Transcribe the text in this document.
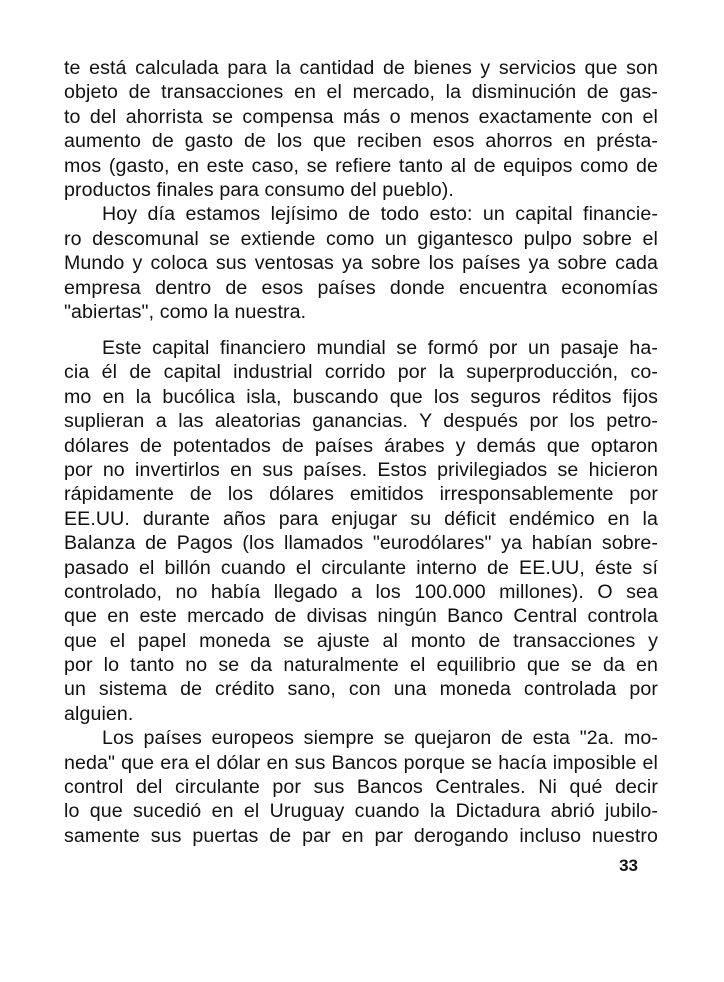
te está calculada para la cantidad de bienes y servicios que son
objeto de transacciones en el mercado, la disminución de gas-
to del ahorrista se compensa más o menos exactamente con el
aumento de gasto de los que reciben esos ahorros en présta-
mos (gasto, en este caso, se refiere tanto al de equipos como de
productos finales para consumo del pueblo).

Hoy día estamos lejísimo de todo esto: un capital financie-
ro descomunal se extiende como un gigantesco pulpo sobre el
Mundo y coloca sus ventosas ya sobre los países ya sobre cada
empresa dentro de esos países donde encuentra economías
"abiertas", como la nuestra.

Este capital financiero mundial se formó por un pasaje ha-
cia él de capital industrial corrido por la superproducción, co-
mo en la bucólica isla, buscando que los seguros réditos fijos
suplieran a las aleatorias ganancias. Y después por los petro-
dólares de potentados de países árabes y demás que optaron
por no invertirlos en sus países. Estos privilegiados se hicieron
rápidamente de los dólares emitidos irresponsablemente por
EE.UU. durante años para enjugar su déficit endémico en la
Balanza de Pagos (los llamados "eurodólares" ya habían sobre-
pasado el billón cuando el circulante interno de EE.UU, éste sí
controlado, no había llegado a los 100.000 millones). O sea
que en este mercado de divisas ningún Banco Central controla
que el papel moneda se ajuste al monto de transacciones y
por lo tanto no se da naturalmente el equilibrio que se da en
un sistema de crédito sano, con una moneda controlada por
alguien.

Los países europeos siempre se quejaron de esta "2a. mo-
neda" que era el dólar en sus Bancos porque se hacía imposible el
control del circulante por sus Bancos Centrales. Ni qué decir
lo que sucedió en el Uruguay cuando la Dictadura abrió jubilo-
samente sus puertas de par en par derogando incluso nuestro

33
